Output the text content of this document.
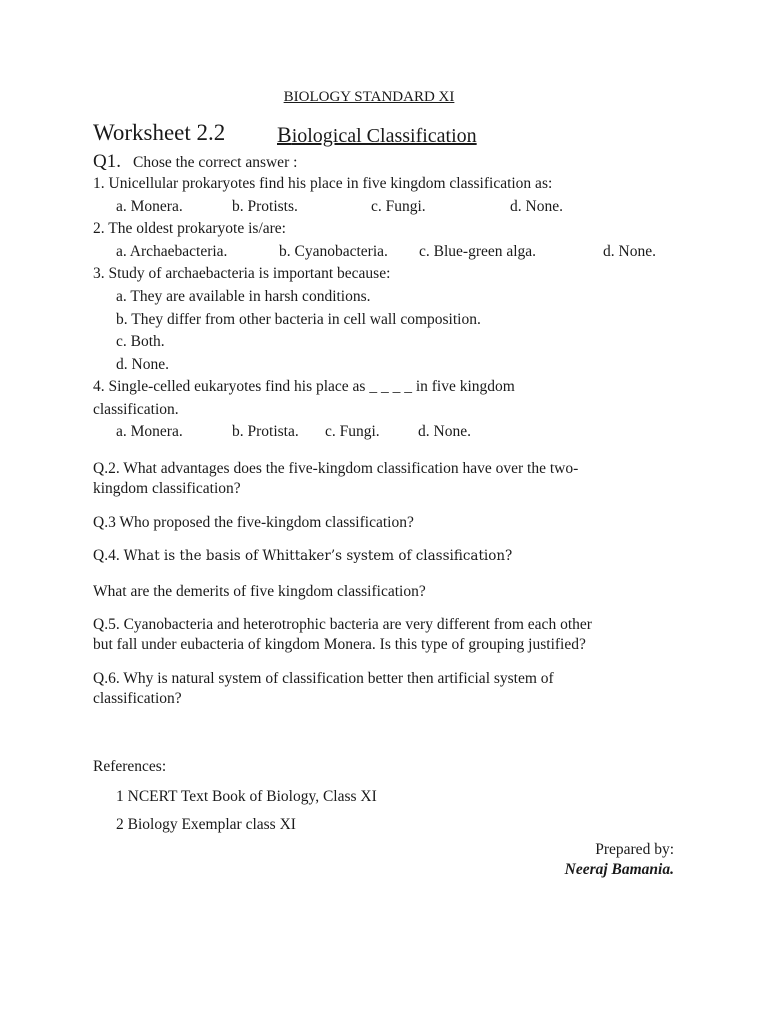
BIOLOGY STANDARD XI
Worksheet 2.2 Biological Classification
Q1. Chose the correct answer :
1. Unicellular prokaryotes find his place in five kingdom classification as:
a. Monera.	b. Protists.	c. Fungi.	d. None.
2. The oldest prokaryote is/are:
a. Archaebacteria.	b. Cyanobacteria. c. Blue-green alga.	d. None.
3. Study of archaebacteria is important because:
a. They are available in harsh conditions.
b. They differ from other bacteria in cell wall composition.
c. Both.
d. None.
4. Single-celled eukaryotes find his place as _ _ _ _ in five kingdom
classification.
a. Monera.	b. Protista. c. Fungi. d. None.
Q.2. What advantages does the five-kingdom classification have over the two-
kingdom classification?
Q.3 Who proposed the five-kingdom classification?
Q.4. What is the basis of Whittaker’s system of classification?
What are the demerits of five kingdom classification?
Q.5. Cyanobacteria and heterotrophic bacteria are very different from each other
but fall under eubacteria of kingdom Monera. Is this type of grouping justified?
Q.6. Why is natural system of classification better then artificial system of
classification?
References:
1 NCERT Text Book of Biology, Class XI
2 Biology Exemplar class XI
Prepared by:
Neeraj Bamania.
